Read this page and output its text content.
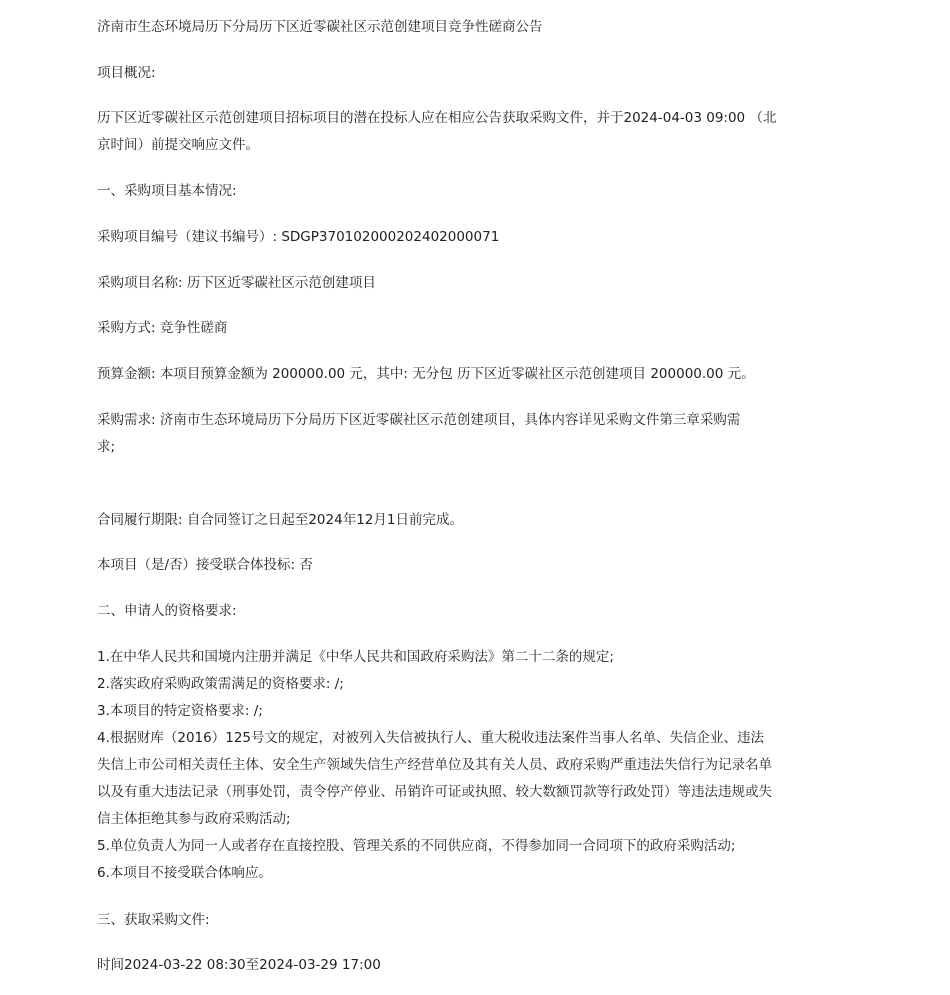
济南市生态环境局历下分局历下区近零碳社区示范创建项目竞争性磋商公告
项目概况:
历下区近零碳社区示范创建项目招标项目的潜在投标人应在相应公告获取采购文件，并于2024-04-03 09:00 （北京时间）前提交响应文件。
一、采购项目基本情况:
采购项目编号（建议书编号）: SDGP370102000202402000071
采购项目名称: 历下区近零碳社区示范创建项目
采购方式: 竞争性磋商
预算金额: 本项目预算金额为 200000.00 元，其中: 无分包 历下区近零碳社区示范创建项目 200000.00 元。
采购需求: 济南市生态环境局历下分局历下区近零碳社区示范创建项目，具体内容详见采购文件第三章采购需求;
合同履行期限: 自合同签订之日起至2024年12月1日前完成。
本项目（是/否）接受联合体投标: 否
二、申请人的资格要求:
1.在中华人民共和国境内注册并满足《中华人民共和国政府采购法》第二十二条的规定;
2.落实政府采购政策需满足的资格要求: /;
3.本项目的特定资格要求: /;
4.根据财库（2016）125号文的规定，对被列入失信被执行人、重大税收违法案件当事人名单、失信企业、违法失信上市公司相关责任主体、安全生产领域失信生产经营单位及其有关人员、政府采购严重违法失信行为记录名单以及有重大违法记录（刑事处罚，责令停产停业、吊销许可证或执照、较大数额罚款等行政处罚）等违法违规或失信主体拒绝其参与政府采购活动;
5.单位负责人为同一人或者存在直接控股、管理关系的不同供应商，不得参加同一合同项下的政府采购活动;
6.本项目不接受联合体响应。
三、获取采购文件:
时间2024-03-22 08:30至2024-03-29 17:00
